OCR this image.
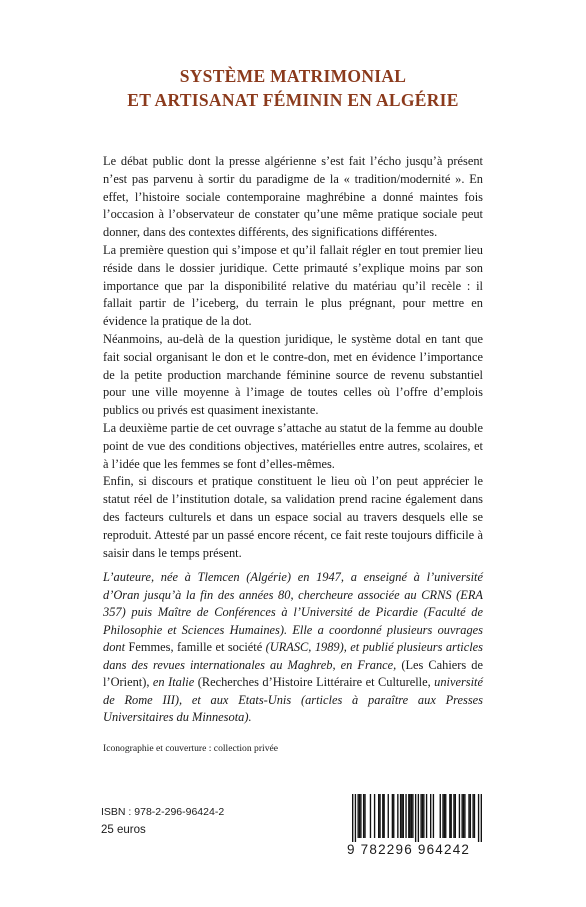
SYSTÈME MATRIMONIAL
ET ARTISANAT FÉMININ EN ALGÉRIE

Le débat public dont la presse algérienne s’est fait l’écho jusqu’à présent n’est pas parvenu à sortir du paradigme de la « tradition/modernité ». En effet, l’histoire sociale contemporaine maghrébine a donné maintes fois l’occasion à l’observateur de constater qu’une même pratique sociale peut donner, dans des contextes différents, des significations différentes.

La première question qui s’impose et qu’il fallait régler en tout premier lieu réside dans le dossier juridique. Cette primauté s’explique moins par son importance que par la disponibilité relative du matériau qu’il recèle : il fallait partir de l’iceberg, du terrain le plus prégnant, pour mettre en évidence la pratique de la dot.

Néanmoins, au-delà de la question juridique, le système dotal en tant que fait social organisant le don et le contre-don, met en évidence l’importance de la petite production marchande féminine source de revenu substantiel pour une ville moyenne à l’image de toutes celles où l’offre d’emplois publics ou privés est quasiment inexistante.

La deuxième partie de cet ouvrage s’attache au statut de la femme au double point de vue des conditions objectives, matérielles entre autres, scolaires, et à l’idée que les femmes se font d’elles-mêmes.

Enfin, si discours et pratique constituent le lieu où l’on peut apprécier le statut réel de l’institution dotale, sa validation prend racine également dans des facteurs culturels et dans un espace social au travers desquels elle se reproduit. Attesté par un passé encore récent, ce fait reste toujours difficile à saisir dans le temps présent.

L’auteure, née à Tlemcen (Algérie) en 1947, a enseigné à l’université d’Oran jusqu’à la fin des années 80, chercheure associée au CRNS (ERA 357) puis Maître de Conférences à l’Université de Picardie (Faculté de Philosophie et Sciences Humaines). Elle a coordonné plusieurs ouvrages dont Femmes, famille et société (URASC, 1989), et publié plusieurs articles dans des revues internationales au Maghreb, en France, (Les Cahiers de l’Orient), en Italie (Recherches d’Histoire Littéraire et Culturelle, université de Rome III), et aux Etats-Unis (articles à paraître aux Presses Universitaires du Minnesota).

Iconographie et couverture : collection privée
ISBN : 978-2-296-96424-2
25 euros
9 782296 964242
